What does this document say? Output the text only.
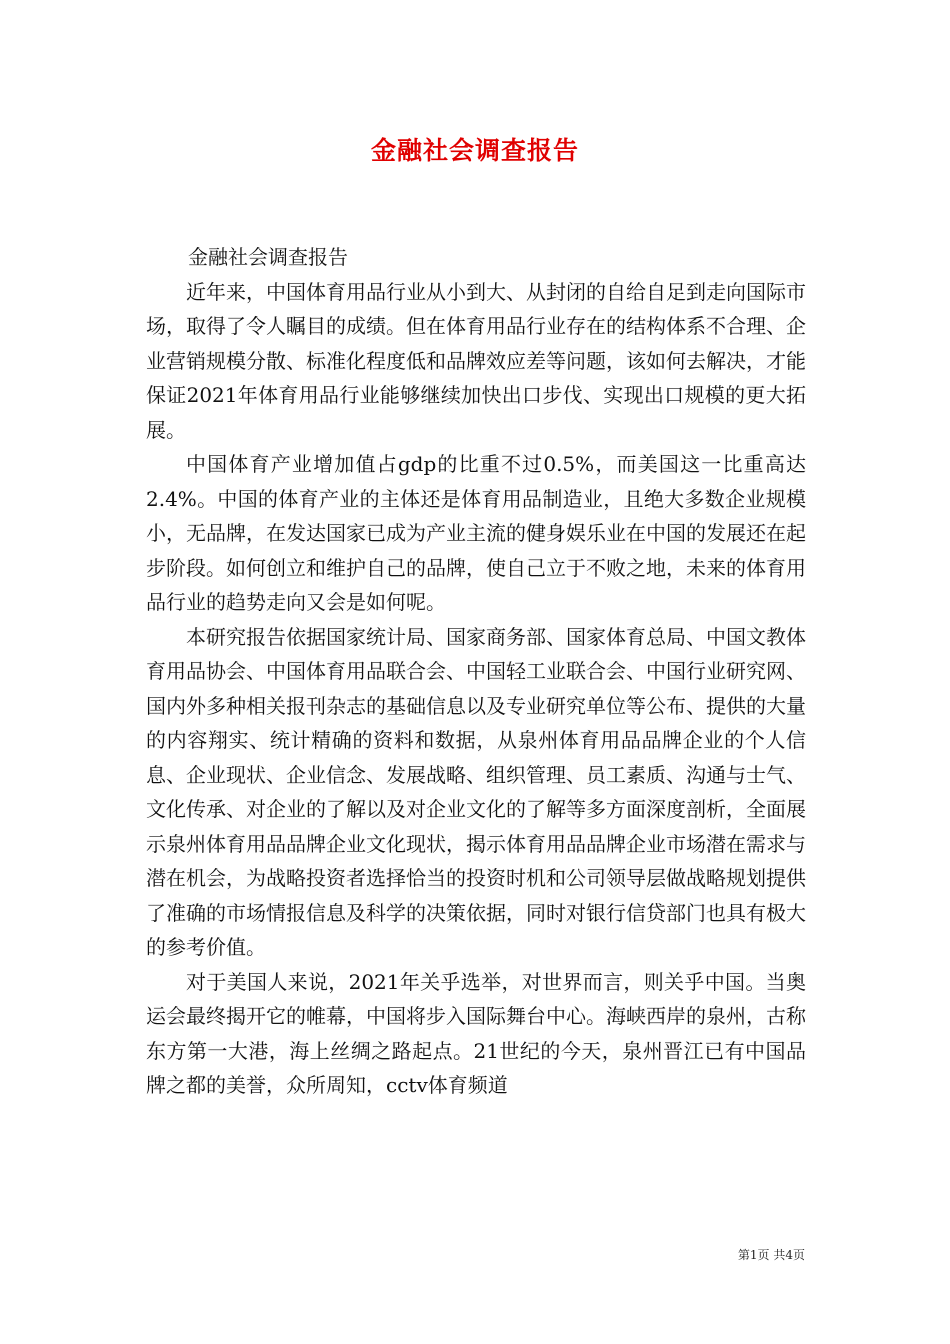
金融社会调查报告

金融社会调查报告

近年来，中国体育用品行业从小到大、从封闭的自给自足到走向国际市场，取得了令人瞩目的成绩。但在体育用品行业存在的结构体系不合理、企业营销规模分散、标准化程度低和品牌效应差等问题，该如何去解决，才能保证2021年体育用品行业能够继续加快出口步伐、实现出口规模的更大拓展。

中国体育产业增加值占gdp的比重不过0.5%，而美国这一比重高达2.4%。中国的体育产业的主体还是体育用品制造业，且绝大多数企业规模小，无品牌，在发达国家已成为产业主流的健身娱乐业在中国的发展还在起步阶段。如何创立和维护自己的品牌，使自己立于不败之地，未来的体育用品行业的趋势走向又会是如何呢。

本研究报告依据国家统计局、国家商务部、国家体育总局、中国文教体育用品协会、中国体育用品联合会、中国轻工业联合会、中国行业研究网、国内外多种相关报刊杂志的基础信息以及专业研究单位等公布、提供的大量的内容翔实、统计精确的资料和数据，从泉州体育用品品牌企业的个人信息、企业现状、企业信念、发展战略、组织管理、员工素质、沟通与士气、文化传承、对企业的了解以及对企业文化的了解等多方面深度剖析，全面展示泉州体育用品品牌企业文化现状，揭示体育用品品牌企业市场潜在需求与潜在机会，为战略投资者选择恰当的投资时机和公司领导层做战略规划提供了准确的市场情报信息及科学的决策依据，同时对银行信贷部门也具有极大的参考价值。

对于美国人来说，2021年关乎选举，对世界而言，则关乎中国。当奥运会最终揭开它的帷幕，中国将步入国际舞台中心。海峡西岸的泉州，古称东方第一大港，海上丝绸之路起点。21世纪的今天，泉州晋江已有中国品牌之都的美誉，众所周知，cctv体育频道

第1页 共4页
